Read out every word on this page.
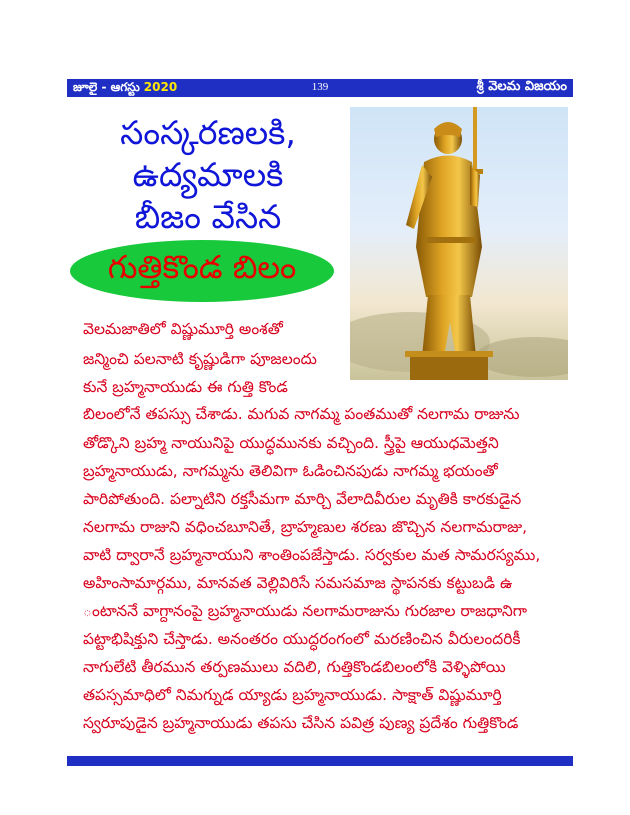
జూలై - ఆగస్టు 2020	139	శ్రీ వెలమ విజయం
సంస్కరణలకి,
ఉద్యమాలకి
బీజం వేసిన
గుత్తికొండ బిలం
వెలమజాతిలో విష్ణుమూర్తి అంశతో
జన్మించి పలనాటి కృష్ణుడిగా పూజలందు
కునే బ్రహ్మనాయుడు ఈ గుత్తి కొండ
బిలంలోనే తపస్సు చేశాడు. మగువ నాగమ్మ పంతముతో నలగామ రాజును
తోడ్కొని బ్రహ్మ నాయునిపై యుద్ధమునకు వచ్చింది. స్త్రీపై ఆయుధమెత్తని
బ్రహ్మనాయుడు, నాగమ్మను తెలివిగా ఓడించినపుడు నాగమ్మ భయంతో
పారిపోతుంది. పల్నాటిని రక్తసీమగా మార్చి వేలాదివీరుల మృతికి కారకుడైన
నలగామ రాజుని వధించబూనితే, బ్రాహ్మణుల శరణు జొచ్చిన నలగామరాజు,
వాటి ద్వారానే బ్రహ్మనాయుని శాంతింపజేస్తాడు. సర్వకుల మత సామరస్యము,
అహింసామార్గము, మానవత వెల్లివిరిసే సమసమాజ స్థాపనకు కట్టుబడి ఉ
ంటాననే వాగ్దానంపై బ్రహ్మనాయుడు నలగామరాజును గురజాల రాజధానిగా
పట్టాభిషిక్తుని చేస్తాడు. అనంతరం యుద్ధరంగంలో మరణించిన వీరులందరికీ
నాగులేటి తీరమున తర్పణములు వదిలి, గుత్తికొండబిలంలోకి వెళ్ళిపోయి
తపస్సమాధిలో నిమగ్నుడ య్యాడు బ్రహ్మనాయుడు. సాక్షాత్ విష్ణుమూర్తి
స్వరూపుడైన బ్రహ్మనాయుడు తపసు చేసిన పవిత్ర పుణ్య ప్రదేశం గుత్తికొండ
